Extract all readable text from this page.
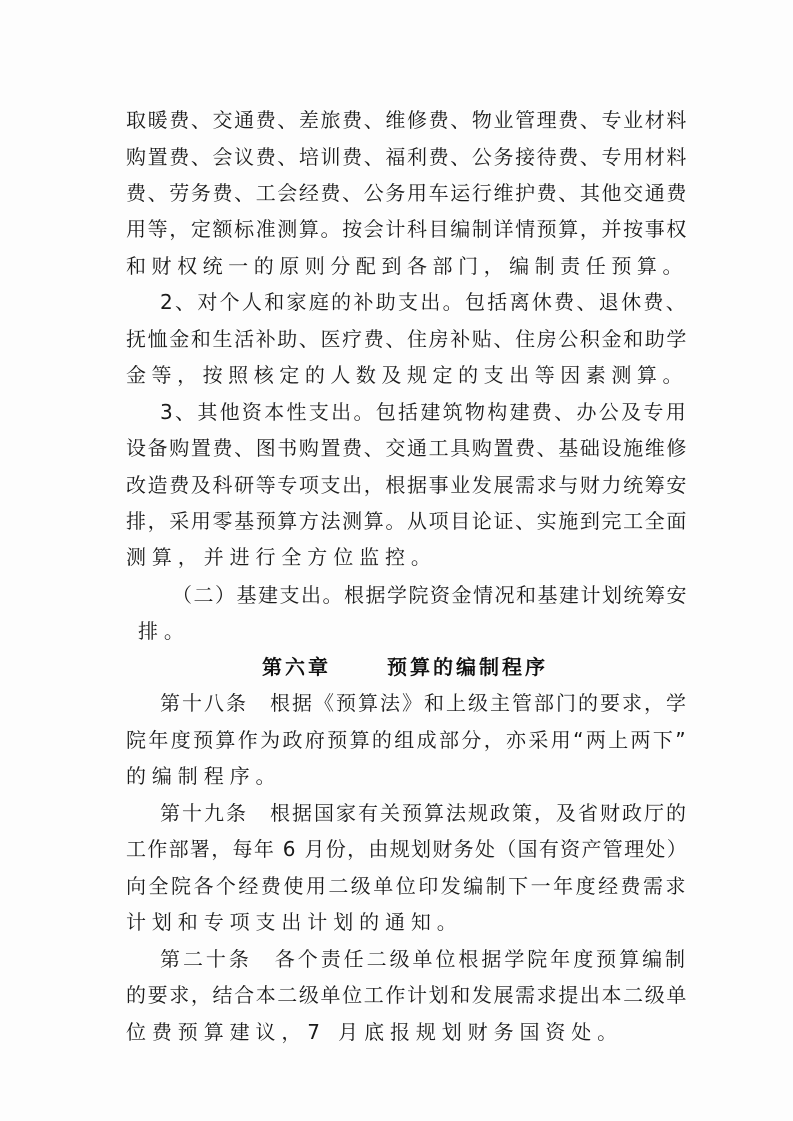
取暖费、交通费、差旅费、维修费、物业管理费、专业材料
购置费、会议费、培训费、福利费、公务接待费、专用材料
费、劳务费、工会经费、公务用车运行维护费、其他交通费
用等，定额标准测算。按会计科目编制详情预算，并按事权
和财权统一的原则分配到各部门，编制责任预算。
2、对个人和家庭的补助支出。包括离休费、退休费、
抚恤金和生活补助、医疗费、住房补贴、住房公积金和助学
金等，按照核定的人数及规定的支出等因素测算。
3、其他资本性支出。包括建筑物构建费、办公及专用
设备购置费、图书购置费、交通工具购置费、基础设施维修
改造费及科研等专项支出，根据事业发展需求与财力统筹安
排，采用零基预算方法测算。从项目论证、实施到完工全面
测算，并进行全方位监控。
（二）基建支出。根据学院资金情况和基建计划统筹安
排。
第六章	预算的编制程序
第十八条　根据《预算法》和上级主管部门的要求，学
院年度预算作为政府预算的组成部分，亦采用“两上两下”
的编制程序。
第十九条　根据国家有关预算法规政策，及省财政厅的
工作部署，每年 6 月份，由规划财务处（国有资产管理处）
向全院各个经费使用二级单位印发编制下一年度经费需求
计划和专项支出计划的通知。
第二十条　各个责任二级单位根据学院年度预算编制
的要求，结合本二级单位工作计划和发展需求提出本二级单
位费预算建议，7 月底报规划财务国资处。
